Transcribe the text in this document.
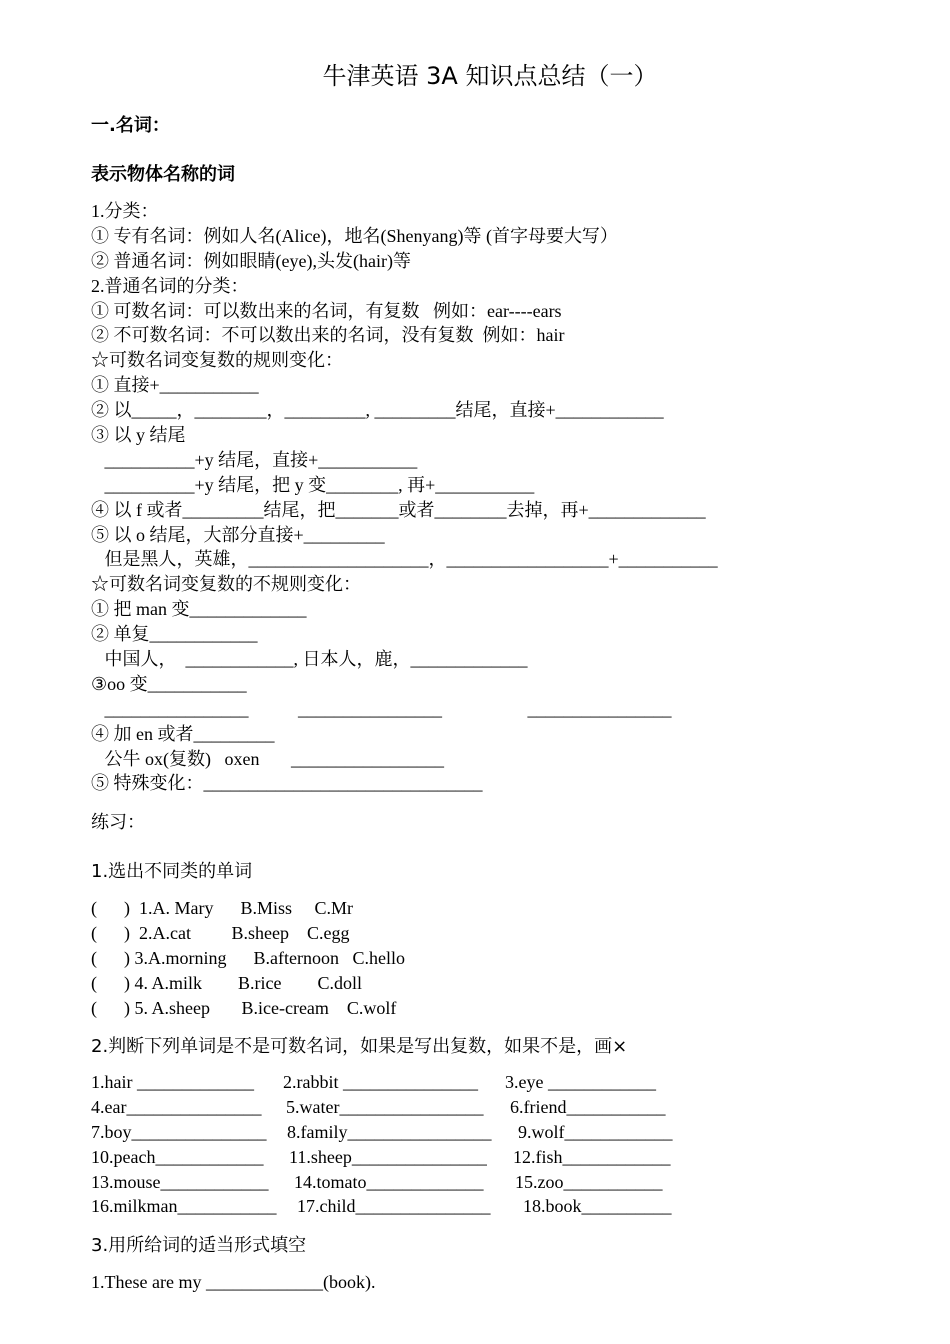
牛津英语 3A 知识点总结（一）
一.名词：
表示物体名称的词
1.分类：
① 专有名词：例如人名(Alice)，地名(Shenyang)等 (首字母要大写）
② 普通名词：例如眼睛(eye),头发(hair)等
2.普通名词的分类：
① 可数名词：可以数出来的名词，有复数   例如：ear----ears
② 不可数名词：不可以数出来的名词，没有复数  例如：hair
☆可数名词变复数的规则变化：
① 直接+___________
② 以_____，________，_________, _________结尾，直接+____________
③ 以 y 结尾
__________+y 结尾，直接+___________
__________+y 结尾，把 y 变________, 再+___________
④ 以 f 或者_________结尾，把_______或者________去掉，再+_____________
⑤ 以 o 结尾，大部分直接+_________
但是黑人，英雄，____________________，__________________+___________
☆可数名词变复数的不规则变化：
① 把 man 变_____________
② 单复____________
中国人，  ____________, 日本人，鹿，_____________
③oo 变___________
________________           ________________                   ________________
④ 加 en 或者_________
公牛 ox(复数)   oxen       _________________
⑤ 特殊变化：_______________________________
练习：
1.选出不同类的单词
(      )  1.A. Mary      B.Miss     C.Mr
(      )  2.A.cat         B.sheep    C.egg
(      ) 3.A.morning      B.afternoon   C.hello
(      ) 4. A.milk        B.rice        C.doll
(      ) 5. A.sheep       B.ice-cream    C.wolf
2.判断下列单词是不是可数名词，如果是写出复数，如果不是，画×

1.hair _____________

2.rabbit _______________

3.eye ____________

4.ear_______________

5.water________________

6.friend___________

7.boy_______________

8.family________________

9.wolf____________

10.peach____________

11.sheep_______________

12.fish____________

13.mouse____________

14.tomato_____________

15.zoo___________

16.milkman___________

17.child_______________

18.book__________

3.用所给词的适当形式填空
1.These are my _____________(book).
